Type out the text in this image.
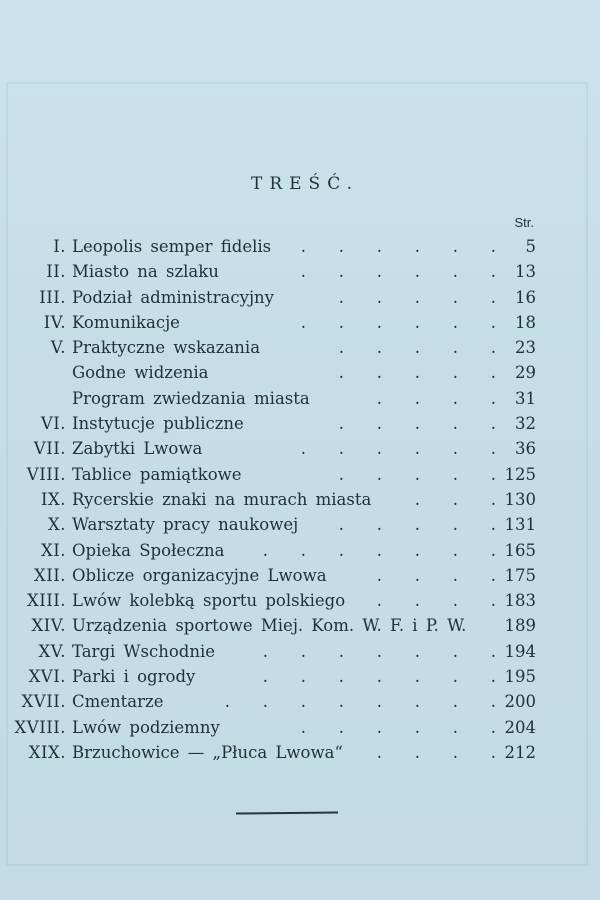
TREŚĆ.
Str.
I. Leopolis semper fidelis	. . . . . . 5
II. Miasto na szlaku	. . . . . . 13
III. Podział administracyjny	. . . . . 16
IV. Komunikacje	. . . . . . 18
V. Praktyczne wskazania	. . . . . 23
Godne widzenia	. . . . . 29
Program zwiedzania miasta	. . . . 31
VI. Instytucje publiczne	. . . . . 32
VII. Zabytki Lwowa	. . . . . . 36
VIII. Tablice pamiątkowe	. . . . . 125
IX. Rycerskie znaki na murach miasta	. . . 130
X. Warsztaty pracy naukowej	. . . . . 131
XI. Opieka Społeczna	. . . . . . . 165
XII. Oblicze organizacyjne Lwowa	. . . . 175
XIII. Lwów kolebką sportu polskiego	. . . . 183
XIV. Urządzenia sportowe Miej. Kom. W. F. i P. W. 189
XV. Targi Wschodnie	. . . . . . . 194
XVI. Parki i ogrody	. . . . . . . 195
XVII. Cmentarze	. . . . . . . . 200
XVIII. Lwów podziemny	. . . . . . 204
XIX. Brzuchowice — „Płuca Lwowa“	. . . . 212
